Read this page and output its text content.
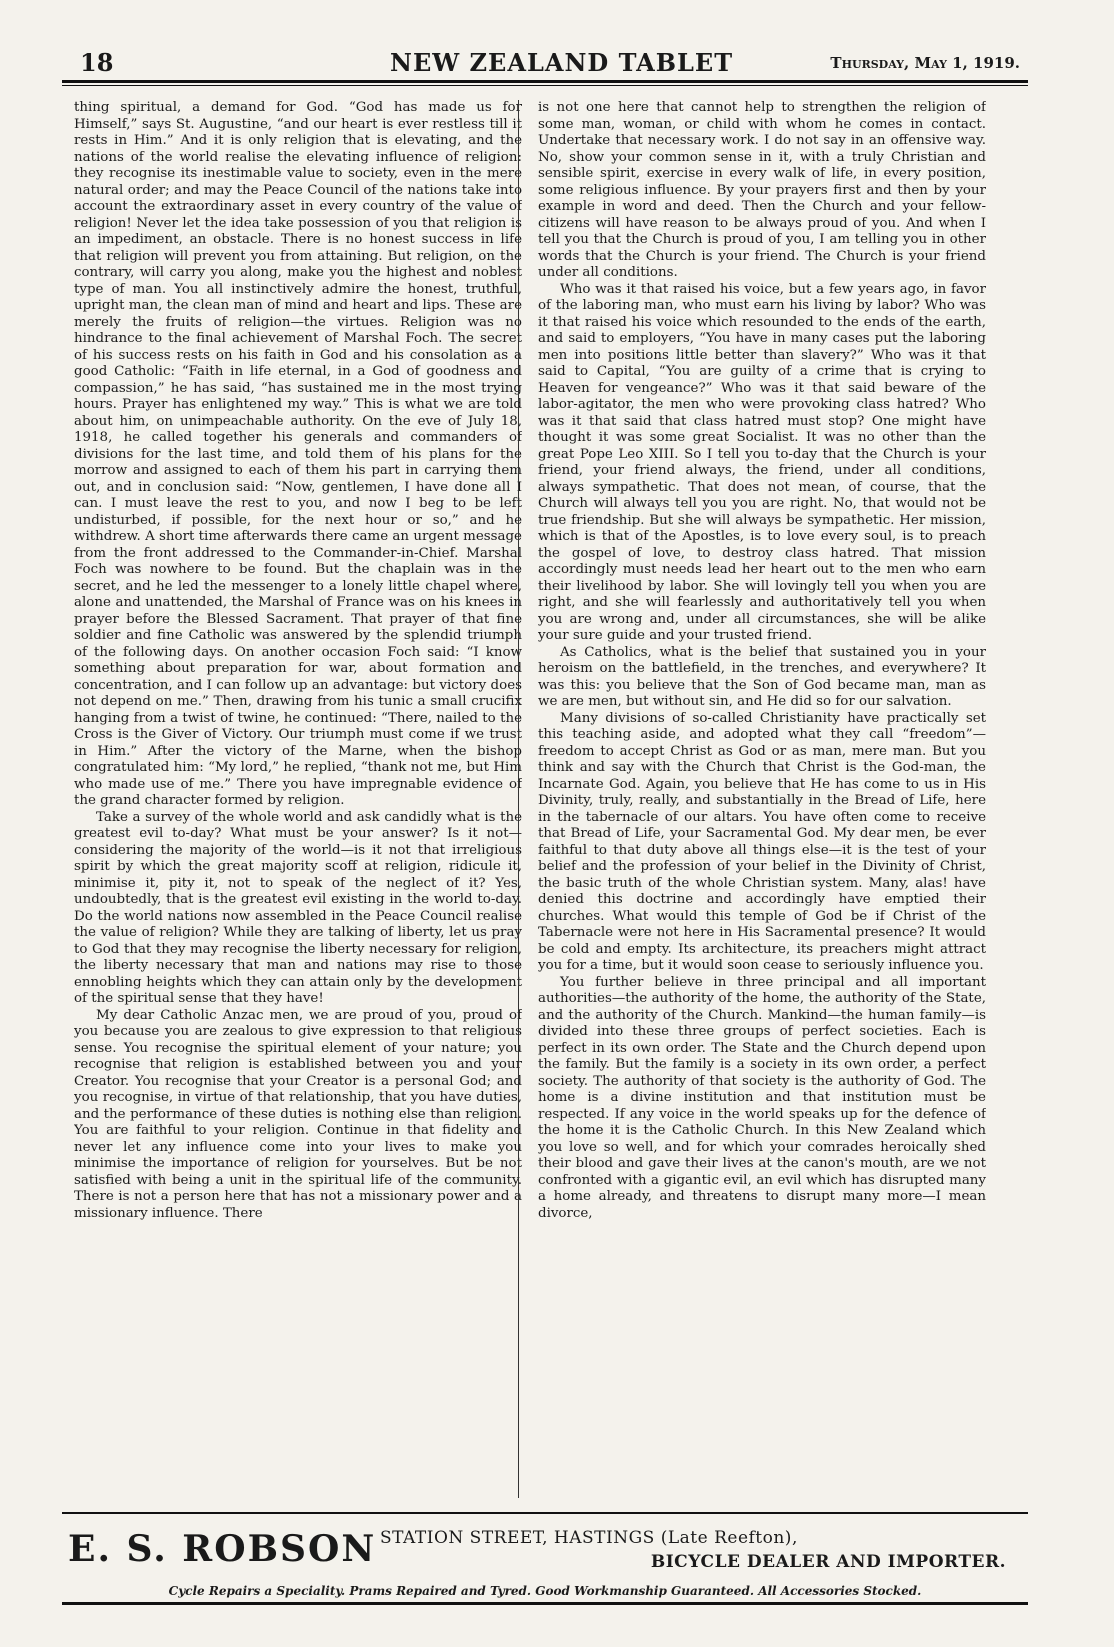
18	NEW ZEALAND TABLET	Thursday, May 1, 1919.

thing spiritual, a demand for God. “God has made us for Himself,” says St. Augustine, “and our heart is ever restless till it rests in Him.” And it is only religion that is elevating, and the nations of the world realise the elevating influence of religion: they recognise its inestimable value to society, even in the mere natural order; and may the Peace Council of the nations take into account the extraordinary asset in every country of the value of religion! Never let the idea take possession of you that religion is an impediment, an obstacle. There is no honest success in life that religion will prevent you from attaining. But religion, on the contrary, will carry you along, make you the highest and noblest type of man. You all instinctively admire the honest, truthful, upright man, the clean man of mind and heart and lips. These are merely the fruits of religion—the virtues. Religion was no hindrance to the final achievement of Marshal Foch. The secret of his success rests on his faith in God and his consolation as a good Catholic: “Faith in life eternal, in a God of goodness and compassion,” he has said, “has sustained me in the most trying hours. Prayer has enlightened my way.” This is what we are told about him, on unimpeachable authority. On the eve of July 18, 1918, he called together his generals and commanders of divisions for the last time, and told them of his plans for the morrow and assigned to each of them his part in carrying them out, and in conclusion said: “Now, gentlemen, I have done all I can. I must leave the rest to you, and now I beg to be left undisturbed, if possible, for the next hour or so,” and he withdrew. A short time afterwards there came an urgent message from the front addressed to the Commander-in-Chief. Marshal Foch was nowhere to be found. But the chaplain was in the secret, and he led the messenger to a lonely little chapel where, alone and unattended, the Marshal of France was on his knees in prayer before the Blessed Sacrament. That prayer of that fine soldier and fine Catholic was answered by the splendid triumph of the following days. On another occasion Foch said: “I know something about preparation for war, about formation and concentration, and I can follow up an advantage: but victory does not depend on me.” Then, drawing from his tunic a small crucifix hanging from a twist of twine, he continued: “There, nailed to the Cross is the Giver of Victory. Our triumph must come if we trust in Him.” After the victory of the Marne, when the bishop congratulated him: “My lord,” he replied, “thank not me, but Him who made use of me.” There you have impregnable evidence of the grand character formed by religion.

Take a survey of the whole world and ask candidly what is the greatest evil to-day? What must be your answer? Is it not—considering the majority of the world—is it not that irreligious spirit by which the great majority scoff at religion, ridicule it, minimise it, pity it, not to speak of the neglect of it? Yes, undoubtedly, that is the greatest evil existing in the world to-day. Do the world nations now assembled in the Peace Council realise the value of religion? While they are talking of liberty, let us pray to God that they may recognise the liberty necessary for religion, the liberty necessary that man and nations may rise to those ennobling heights which they can attain only by the development of the spiritual sense that they have!

My dear Catholic Anzac men, we are proud of you, proud of you because you are zealous to give expression to that religious sense. You recognise the spiritual element of your nature; you recognise that religion is established between you and your Creator. You recognise that your Creator is a personal God; and you recognise, in virtue of that relationship, that you have duties, and the performance of these duties is nothing else than religion. You are faithful to your religion. Continue in that fidelity and never let any influence come into your lives to make you minimise the importance of religion for yourselves. But be not satisfied with being a unit in the spiritual life of the community. There is not a person here that has not a missionary power and a missionary influence. There

is not one here that cannot help to strengthen the religion of some man, woman, or child with whom he comes in contact. Undertake that necessary work. I do not say in an offensive way. No, show your common sense in it, with a truly Christian and sensible spirit, exercise in every walk of life, in every position, some religious influence. By your prayers first and then by your example in word and deed. Then the Church and your fellow-citizens will have reason to be always proud of you. And when I tell you that the Church is proud of you, I am telling you in other words that the Church is your friend. The Church is your friend under all conditions.

Who was it that raised his voice, but a few years ago, in favor of the laboring man, who must earn his living by labor? Who was it that raised his voice which resounded to the ends of the earth, and said to employers, “You have in many cases put the laboring men into positions little better than slavery?” Who was it that said to Capital, “You are guilty of a crime that is crying to Heaven for vengeance?” Who was it that said beware of the labor-agitator, the men who were provoking class hatred? Who was it that said that class hatred must stop? One might have thought it was some great Socialist. It was no other than the great Pope Leo XIII. So I tell you to-day that the Church is your friend, your friend always, the friend, under all conditions, always sympathetic. That does not mean, of course, that the Church will always tell you you are right. No, that would not be true friendship. But she will always be sympathetic. Her mission, which is that of the Apostles, is to love every soul, is to preach the gospel of love, to destroy class hatred. That mission accordingly must needs lead her heart out to the men who earn their livelihood by labor. She will lovingly tell you when you are right, and she will fearlessly and authoritatively tell you when you are wrong and, under all circumstances, she will be alike your sure guide and your trusted friend.

As Catholics, what is the belief that sustained you in your heroism on the battlefield, in the trenches, and everywhere? It was this: you believe that the Son of God became man, man as we are men, but without sin, and He did so for our salvation.

Many divisions of so-called Christianity have practically set this teaching aside, and adopted what they call “freedom”—freedom to accept Christ as God or as man, mere man. But you think and say with the Church that Christ is the God-man, the Incarnate God. Again, you believe that He has come to us in His Divinity, truly, really, and substantially in the Bread of Life, here in the tabernacle of our altars. You have often come to receive that Bread of Life, your Sacramental God. My dear men, be ever faithful to that duty above all things else—it is the test of your belief and the profession of your belief in the Divinity of Christ, the basic truth of the whole Christian system. Many, alas! have denied this doctrine and accordingly have emptied their churches. What would this temple of God be if Christ of the Tabernacle were not here in His Sacramental presence? It would be cold and empty. Its architecture, its preachers might attract you for a time, but it would soon cease to seriously influence you.

You further believe in three principal and all important authorities—the authority of the home, the authority of the State, and the authority of the Church. Mankind—the human family—is divided into these three groups of perfect societies. Each is perfect in its own order. The State and the Church depend upon the family. But the family is a society in its own order, a perfect society. The authority of that society is the authority of God. The home is a divine institution and that institution must be respected. If any voice in the world speaks up for the defence of the home it is the Catholic Church. In this New Zealand which you love so well, and for which your comrades heroically shed their blood and gave their lives at the canon's mouth, are we not confronted with a gigantic evil, an evil which has disrupted many a home already, and threatens to disrupt many more—I mean divorce,

E. S. ROBSON STATION STREET, HASTINGS (Late Reefton),
BICYCLE DEALER AND IMPORTER.
Cycle Repairs a Speciality. Prams Repaired and Tyred. Good Workmanship Guaranteed. All Accessories Stocked.
